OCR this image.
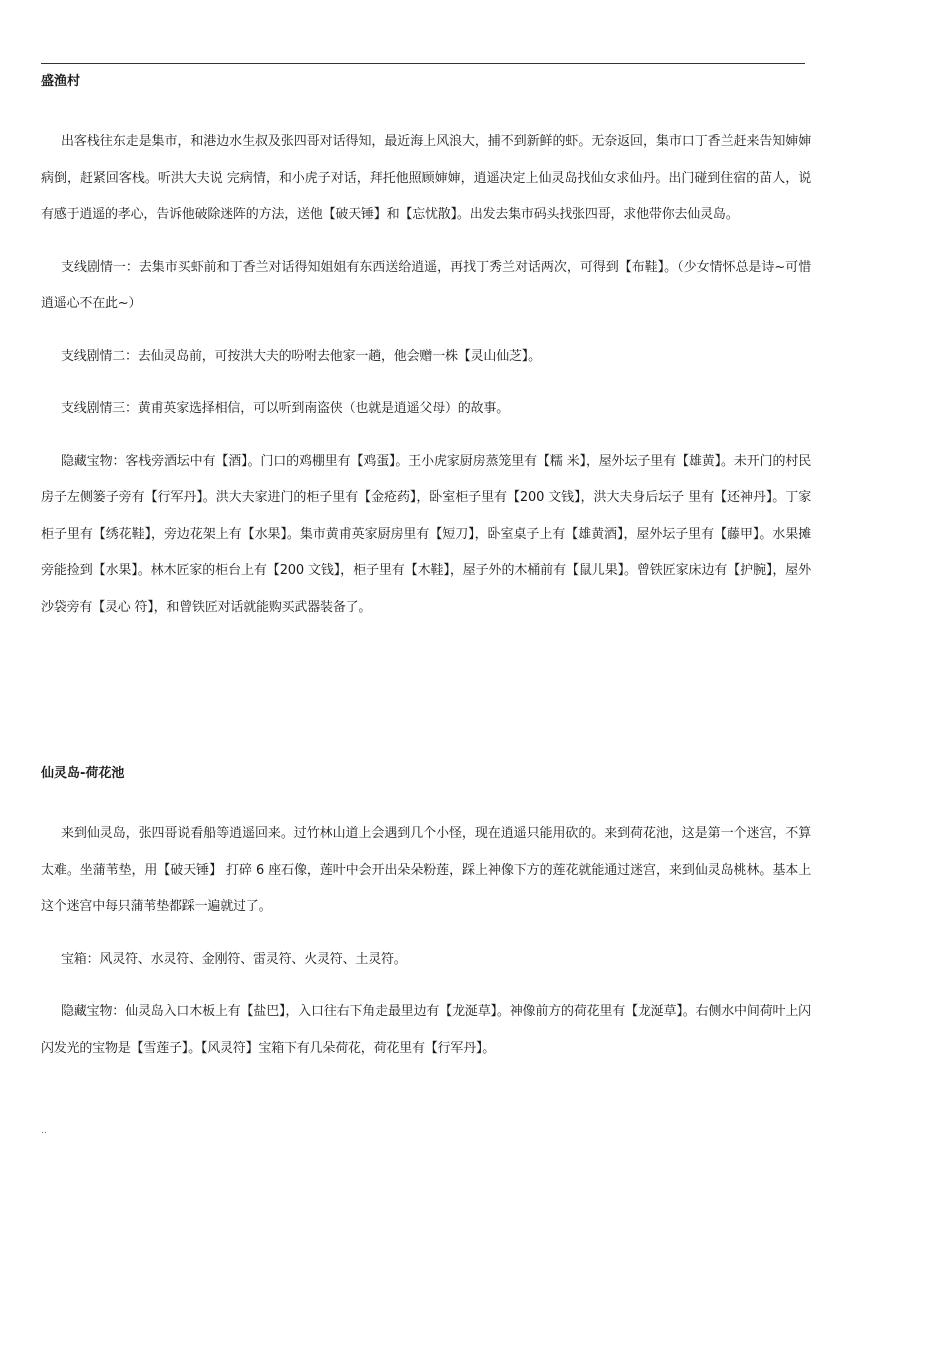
盛渔村

出客栈往东走是集市，和港边水生叔及张四哥对话得知，最近海上风浪大，捕不到新鲜的虾。无奈返回，集市口丁香兰赶来告知婶婶病倒，赶紧回客栈。听洪大夫说 完病情，和小虎子对话，拜托他照顾婶婶，逍遥决定上仙灵岛找仙女求仙丹。出门碰到住宿的苗人，说有感于逍遥的孝心，告诉他破除迷阵的方法，送他【破天锤】和【忘忧散】。出发去集市码头找张四哥，求他带你去仙灵岛。

支线剧情一：去集市买虾前和丁香兰对话得知姐姐有东西送给逍遥，再找丁秀兰对话两次，可得到【布鞋】。（少女情怀总是诗~可惜逍遥心不在此~）

支线剧情二：去仙灵岛前，可按洪大夫的吩咐去他家一趟，他会赠一株【灵山仙芝】。

支线剧情三：黄甫英家选择相信，可以听到南盗侠（也就是逍遥父母）的故事。

隐藏宝物：客栈旁酒坛中有【酒】。门口的鸡棚里有【鸡蛋】。王小虎家厨房蒸笼里有【糯 米】，屋外坛子里有【雄黄】。未开门的村民房子左侧篓子旁有【行军丹】。洪大夫家进门的柜子里有【金疮药】，卧室柜子里有【200 文钱】，洪大夫身后坛子 里有【还神丹】。丁家柜子里有【绣花鞋】，旁边花架上有【水果】。集市黄甫英家厨房里有【短刀】，卧室桌子上有【雄黄酒】，屋外坛子里有【藤甲】。水果摊 旁能捡到【水果】。林木匠家的柜台上有【200 文钱】，柜子里有【木鞋】，屋子外的木桶前有【鼠儿果】。曾铁匠家床边有【护腕】，屋外沙袋旁有【灵心 符】，和曾铁匠对话就能购买武器装备了。

仙灵岛-荷花池

来到仙灵岛，张四哥说看船等逍遥回来。过竹林山道上会遇到几个小怪，现在逍遥只能用砍的。来到荷花池，这是第一个迷宫，不算太难。坐蒲苇垫，用【破天锤】 打碎 6 座石像，莲叶中会开出朵朵粉莲，踩上神像下方的莲花就能通过迷宫，来到仙灵岛桃林。基本上这个迷宫中每只蒲苇垫都踩一遍就过了。

宝箱：风灵符、水灵符、金刚符、雷灵符、火灵符、土灵符。

隐藏宝物：仙灵岛入口木板上有【盐巴】，入口往右下角走最里边有【龙涎草】。神像前方的荷花里有【龙涎草】。右侧水中间荷叶上闪闪发光的宝物是【雪莲子】。【风灵符】宝箱下有几朵荷花，荷花里有【行军丹】。

..
